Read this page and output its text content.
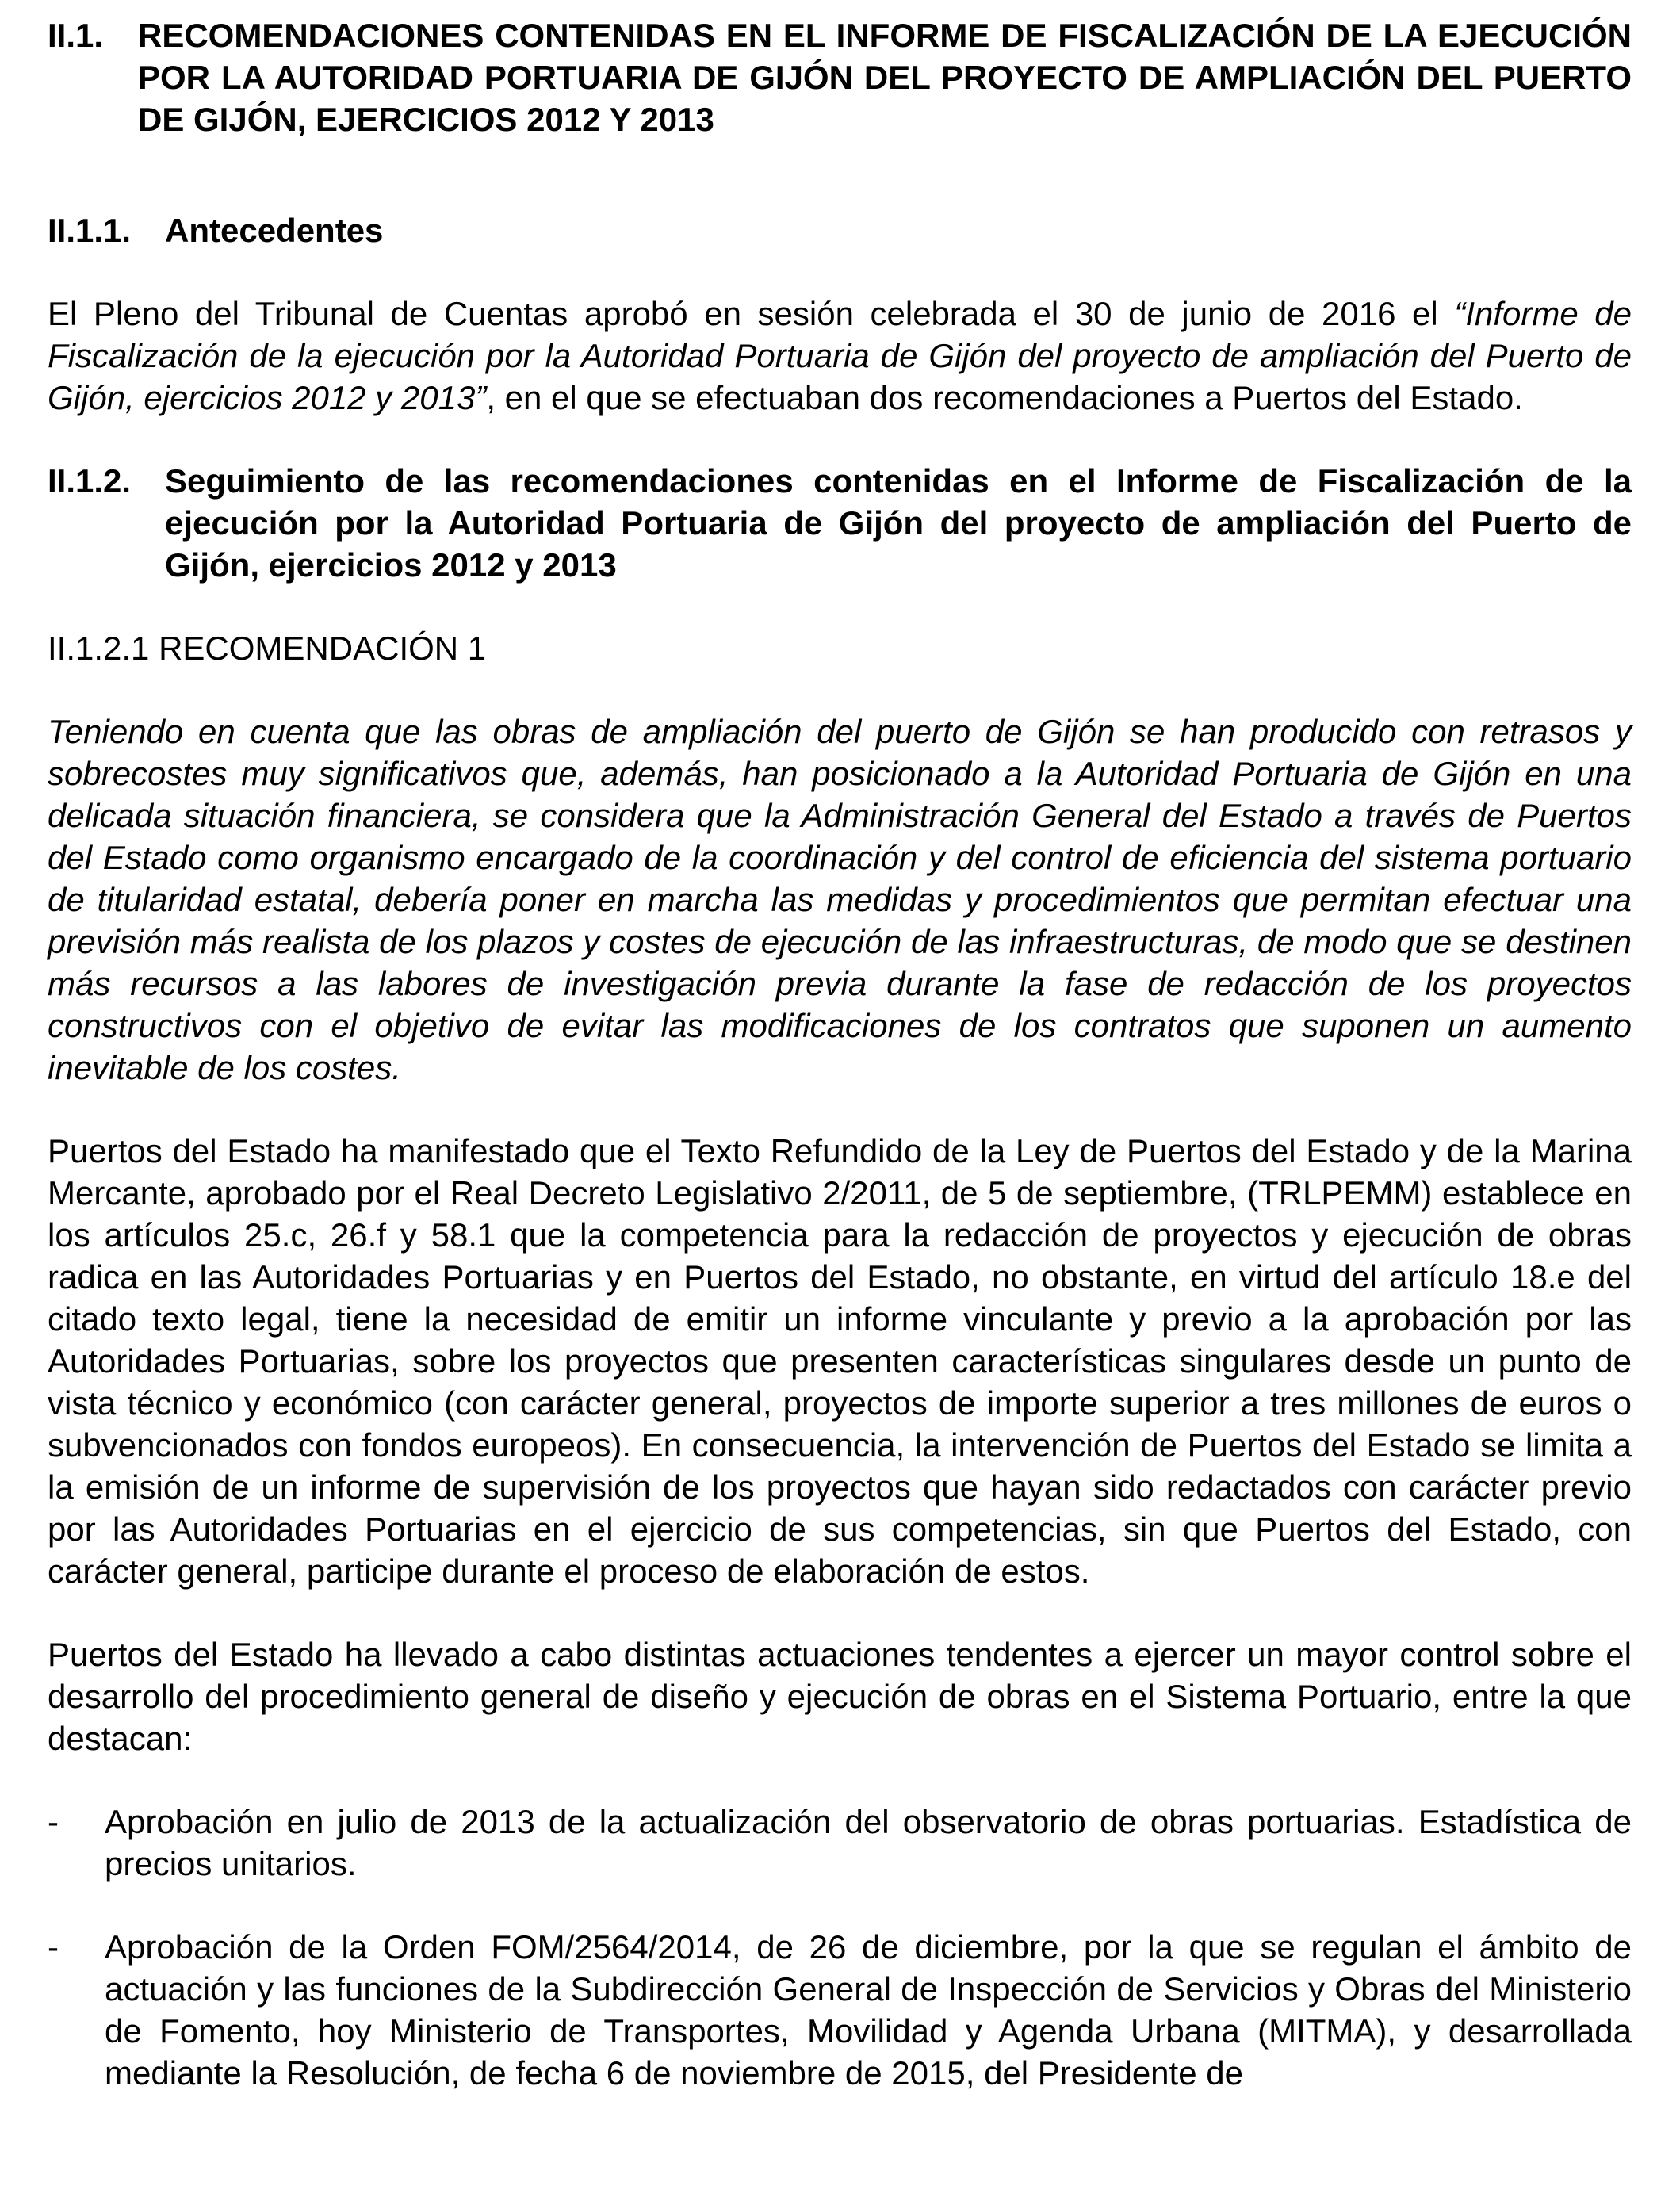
II.1.	RECOMENDACIONES CONTENIDAS EN EL INFORME DE FISCALIZACIÓN DE LA EJECUCIÓN POR LA AUTORIDAD PORTUARIA DE GIJÓN DEL PROYECTO DE AMPLIACIÓN DEL PUERTO DE GIJÓN, EJERCICIOS 2012 Y 2013
II.1.1.	Antecedentes

El Pleno del Tribunal de Cuentas aprobó en sesión celebrada el 30 de junio de 2016 el “Informe de Fiscalización de la ejecución por la Autoridad Portuaria de Gijón del proyecto de ampliación del Puerto de Gijón, ejercicios 2012 y 2013”, en el que se efectuaban dos recomendaciones a Puertos del Estado.

II.1.2.	Seguimiento de las recomendaciones contenidas en el Informe de Fiscalización de la ejecución por la Autoridad Portuaria de Gijón del proyecto de ampliación del Puerto de Gijón, ejercicios 2012 y 2013

II.1.2.1 RECOMENDACIÓN 1

Teniendo en cuenta que las obras de ampliación del puerto de Gijón se han producido con retrasos y sobrecostes muy significativos que, además, han posicionado a la Autoridad Portuaria de Gijón en una delicada situación financiera, se considera que la Administración General del Estado a través de Puertos del Estado como organismo encargado de la coordinación y del control de eficiencia del sistema portuario de titularidad estatal, debería poner en marcha las medidas y procedimientos que permitan efectuar una previsión más realista de los plazos y costes de ejecución de las infraestructuras, de modo que se destinen más recursos a las labores de investigación previa durante la fase de redacción de los proyectos constructivos con el objetivo de evitar las modificaciones de los contratos que suponen un aumento inevitable de los costes.

Puertos del Estado ha manifestado que el Texto Refundido de la Ley de Puertos del Estado y de la Marina Mercante, aprobado por el Real Decreto Legislativo 2/2011, de 5 de septiembre, (TRLPEMM) establece en los artículos 25.c, 26.f y 58.1 que la competencia para la redacción de proyectos y ejecución de obras radica en las Autoridades Portuarias y en Puertos del Estado, no obstante, en virtud del artículo 18.e del citado texto legal, tiene la necesidad de emitir un informe vinculante y previo a la aprobación por las Autoridades Portuarias, sobre los proyectos que presenten características singulares desde un punto de vista técnico y económico (con carácter general, proyectos de importe superior a tres millones de euros o subvencionados con fondos europeos). En consecuencia, la intervención de Puertos del Estado se limita a la emisión de un informe de supervisión de los proyectos que hayan sido redactados con carácter previo por las Autoridades Portuarias en el ejercicio de sus competencias, sin que Puertos del Estado, con carácter general, participe durante el proceso de elaboración de estos.

Puertos del Estado ha llevado a cabo distintas actuaciones tendentes a ejercer un mayor control sobre el desarrollo del procedimiento general de diseño y ejecución de obras en el Sistema Portuario, entre la que destacan:

-	Aprobación en julio de 2013 de la actualización del observatorio de obras portuarias. Estadística de precios unitarios.
-	Aprobación de la Orden FOM/2564/2014, de 26 de diciembre, por la que se regulan el ámbito de actuación y las funciones de la Subdirección General de Inspección de Servicios y Obras del Ministerio de Fomento, hoy Ministerio de Transportes, Movilidad y Agenda Urbana (MITMA), y desarrollada mediante la Resolución, de fecha 6 de noviembre de 2015, del Presidente de
